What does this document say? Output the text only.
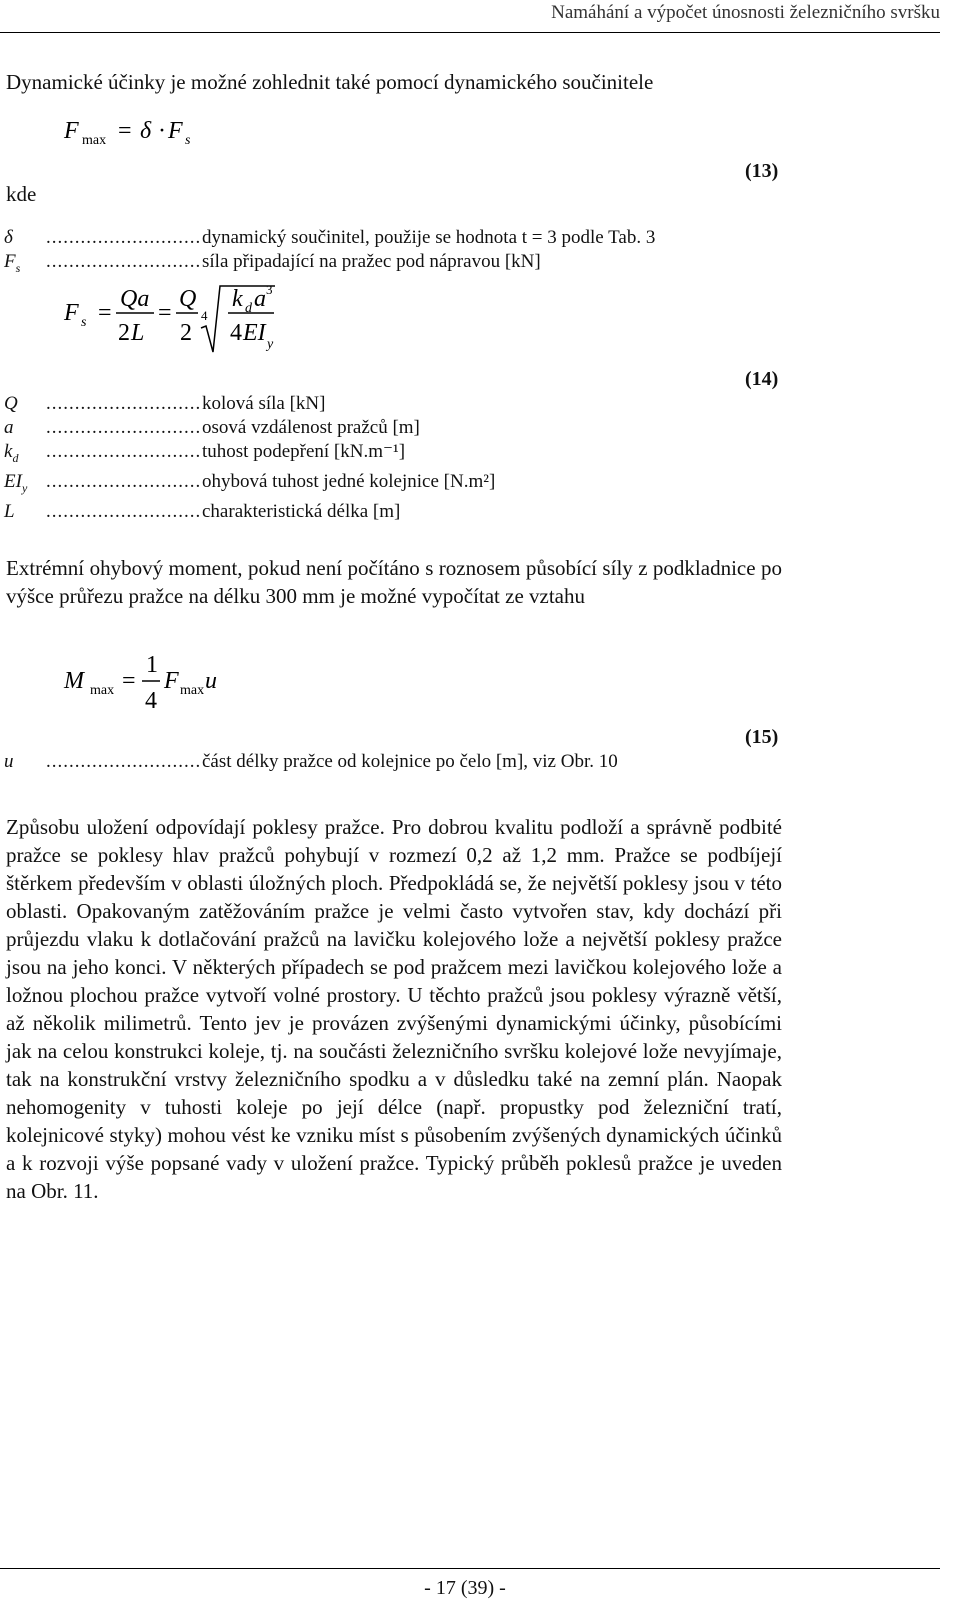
Namáhání a výpočet únosnosti železničního svršku
Dynamické účinky je možné zohlednit také pomocí dynamického součinitele
F max = δ · F s
(13)
kde
δ .....	dynamický součinitel, použije se hodnota t = 3 podle Tab. 3
$F_s$ .....	síla připadající na pražec pod nápravou [kN]
F s =
Qa
2 L
=
Q
2
4
k d a 3
4 EI y
(14)
Q .....	kolová síla [kN]
a .....	osová vzdálenost pražců [m]
$k_d$ .....	tuhost podepření [kN.m⁻¹]
$EI_y$ .....	ohybová tuhost jedné kolejnice [N.m²]
L .....	charakteristická délka [m]
Extrémní ohybový moment, pokud není počítáno s roznosem působící síly z podkladnice po výšce průřezu pražce na délku 300 mm je možné vypočítat ze vztahu
M max =
1
4
F max u
(15)
u .....	část délky pražce od kolejnice po čelo [m], viz Obr. 10
Způsobu uložení odpovídají poklesy pražce. Pro dobrou kvalitu podloží a správně podbité pražce se poklesy hlav pražců pohybují v rozmezí 0,2 až 1,2 mm. Pražce se podbíjejí štěrkem především v oblasti úložných ploch. Předpokládá se, že největší poklesy jsou v této oblasti. Opakovaným zatěžováním pražce je velmi často vytvořen stav, kdy dochází při průjezdu vlaku k dotlačování pražců na lavičku kolejového lože a největší poklesy pražce jsou na jeho konci. V některých případech se pod pražcem mezi lavičkou kolejového lože a ložnou plochou pražce vytvoří volné prostory. U těchto pražců jsou poklesy výrazně větší, až několik milimetrů. Tento jev je provázen zvýšenými dynamickými účinky, působícími jak na celou konstrukci koleje, tj. na součásti železničního svršku kolejové lože nevyjímaje, tak na konstrukční vrstvy železničního spodku a v důsledku také na zemní plán. Naopak nehomogenity v tuhosti koleje po její délce (např. propustky pod železniční tratí, kolejnicové styky) mohou vést ke vzniku míst s působením zvýšených dynamických účinků a k rozvoji výše popsané vady v uložení pražce. Typický průběh poklesů pražce je uveden na Obr. 11.
- 17 (39) -
